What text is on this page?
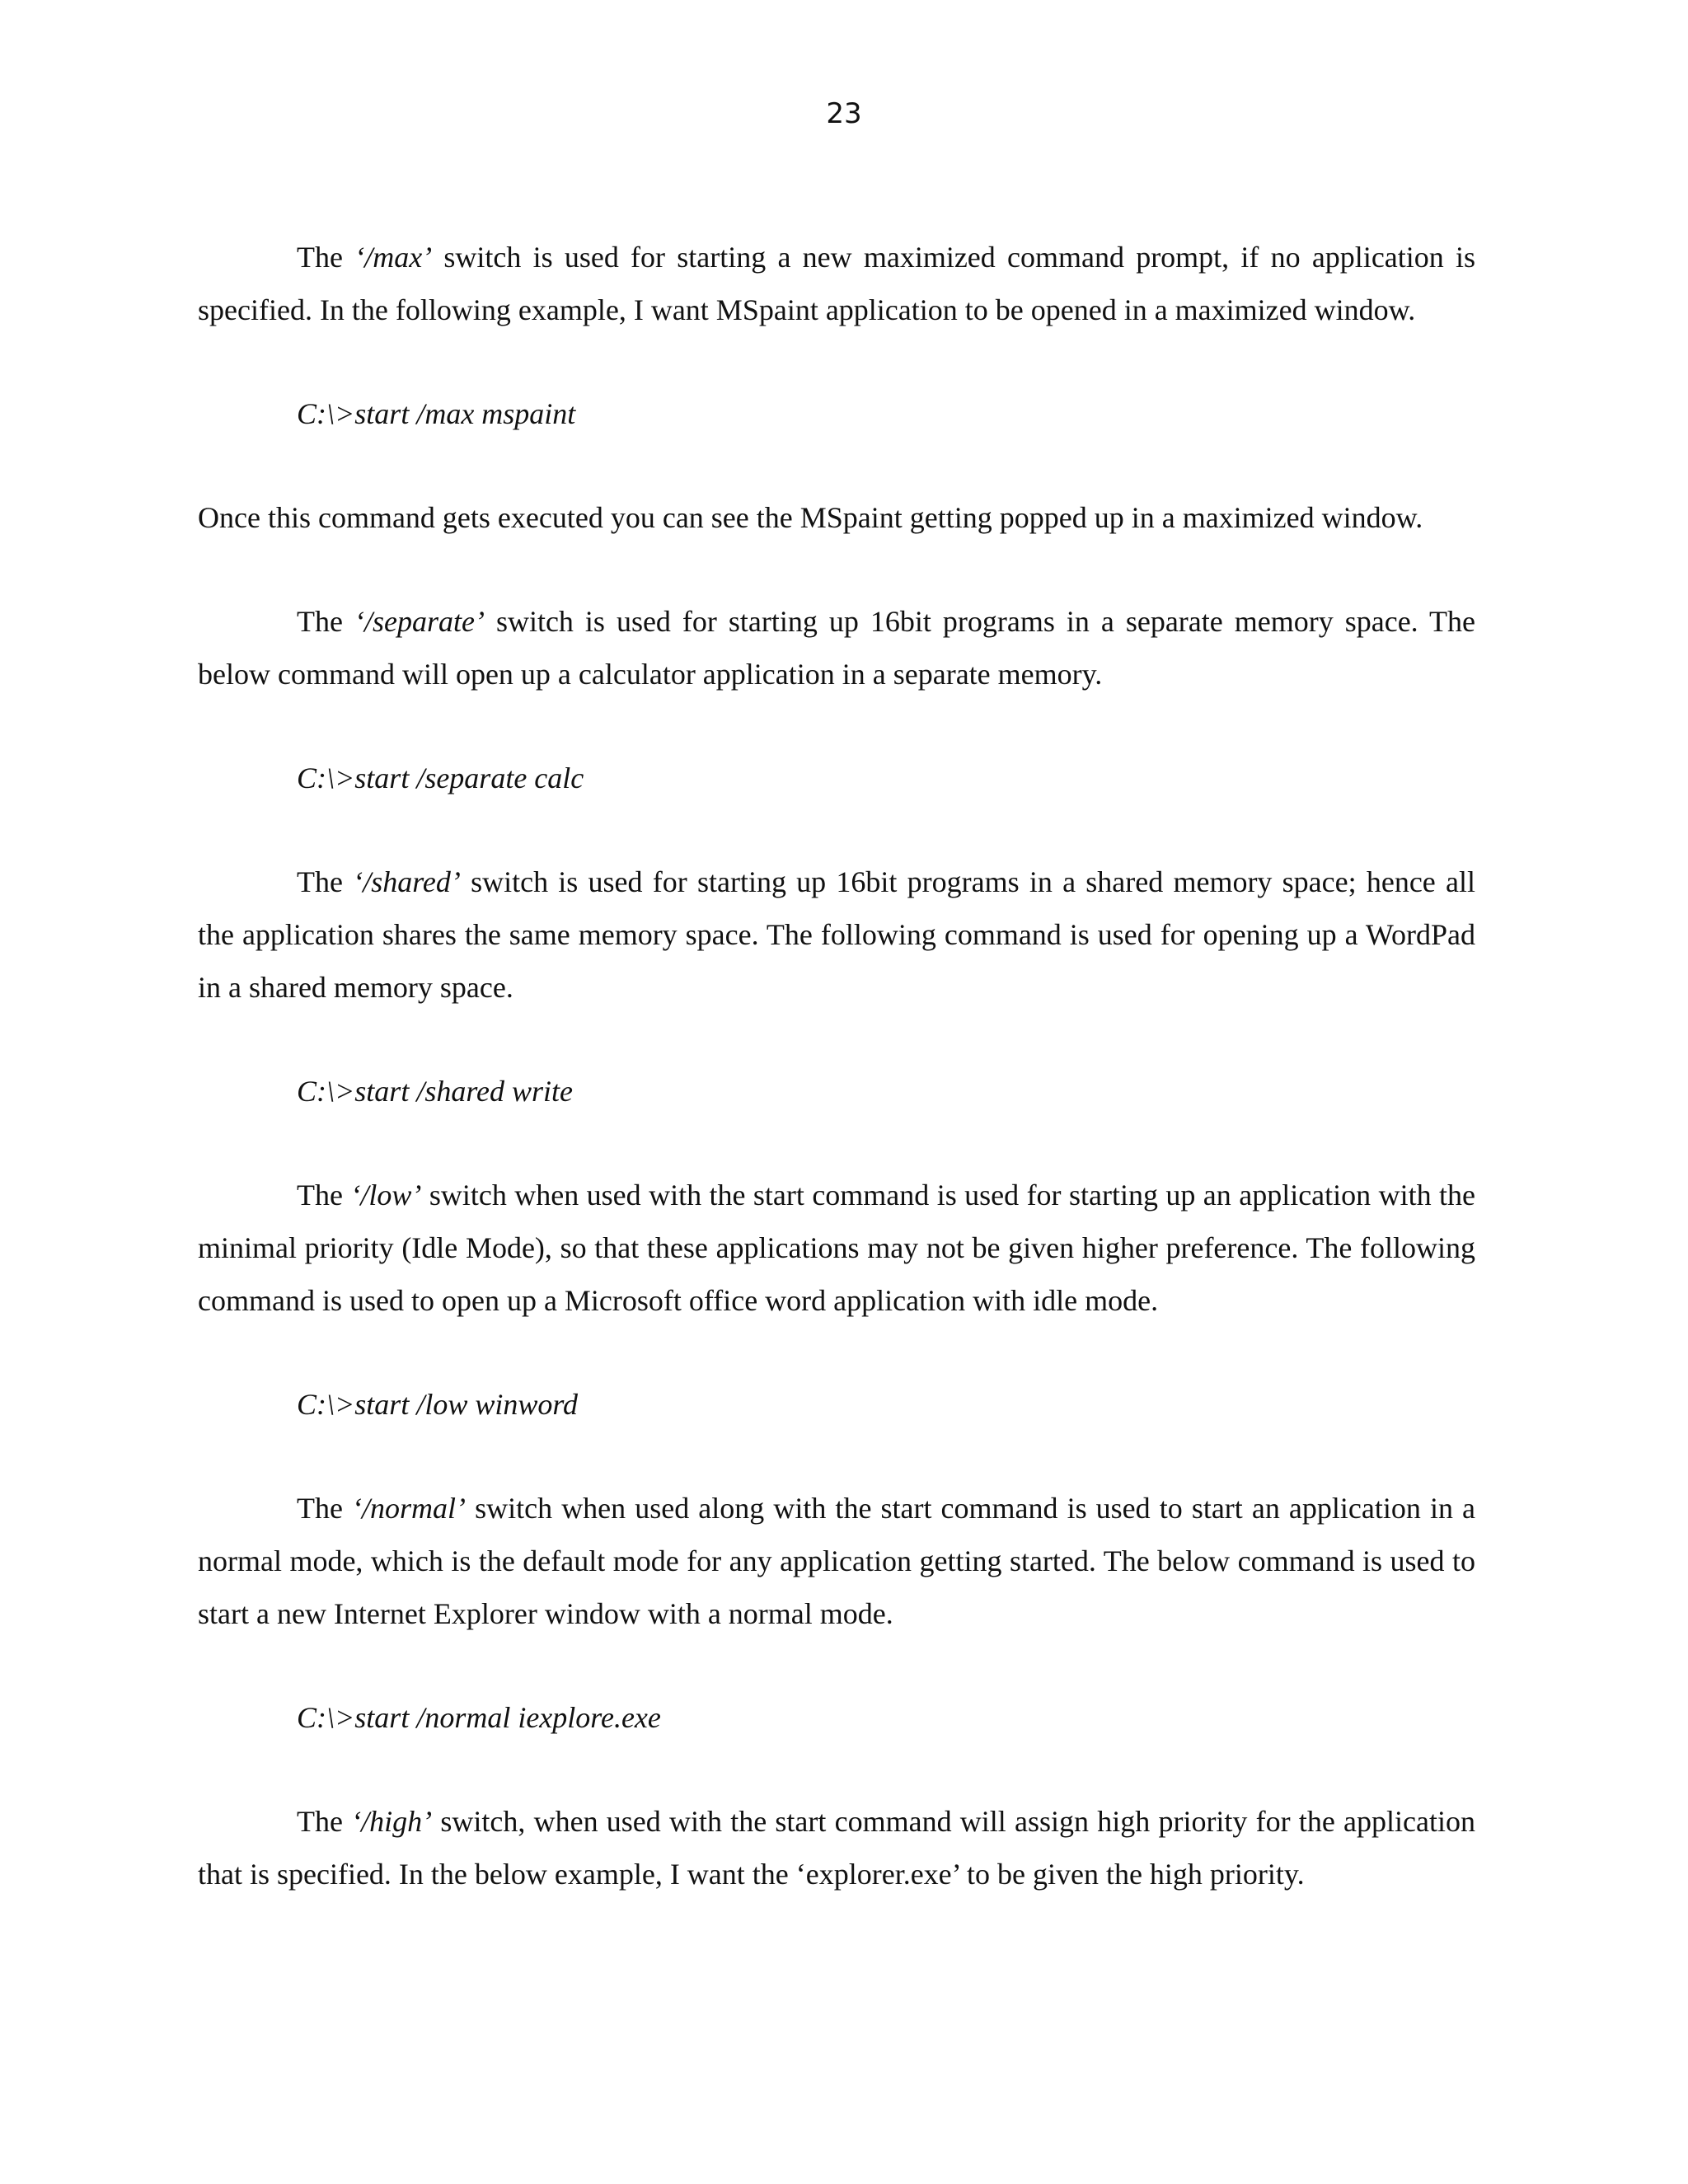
23

The ‘/max’ switch is used for starting a new maximized command prompt, if no application is specified. In the following example, I want MSpaint application to be opened in a maximized window.

C:\>start /max mspaint

Once this command gets executed you can see the MSpaint getting popped up in a maximized window.

The ‘/separate’ switch is used for starting up 16bit programs in a separate memory space. The below command will open up a calculator application in a separate memory.

C:\>start /separate calc

The ‘/shared’ switch is used for starting up 16bit programs in a shared memory space; hence all the application shares the same memory space. The following command is used for opening up a WordPad in a shared memory space.

C:\>start /shared write

The ‘/low’ switch when used with the start command is used for starting up an application with the minimal priority (Idle Mode), so that these applications may not be given higher preference. The following command is used to open up a Microsoft office word application with idle mode.

C:\>start /low winword

The ‘/normal’ switch when used along with the start command is used to start an application in a normal mode, which is the default mode for any application getting started. The below command is used to start a new Internet Explorer window with a normal mode.

C:\>start /normal iexplore.exe

The ‘/high’ switch, when used with the start command will assign high priority for the application that is specified. In the below example, I want the ‘explorer.exe’ to be given the high priority.
